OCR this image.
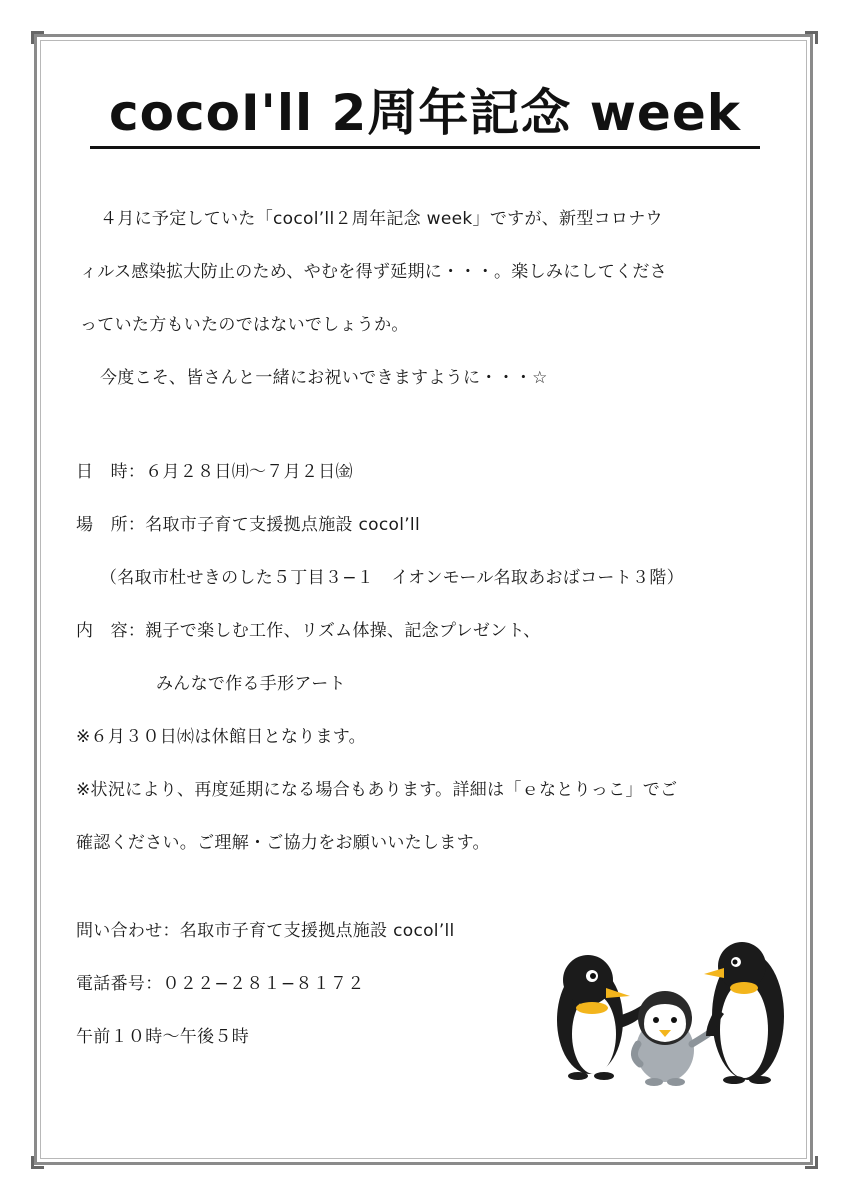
cocoI'll 2周年記念 week

４月に予定していた「cocol’ll２周年記念 week」ですが、新型コロナウ

ィルス感染拡大防止のため、やむを得ず延期に・・・。楽しみにしてくださ

っていた方もいたのではないでしょうか。

今度こそ、皆さんと一緒にお祝いできますように・・・☆

日　時：６月２８日㈪〜７月２日㈮
場　所：名取市子育て支援拠点施設 cocol’ll
（名取市杜せきのした５丁目３−１　イオンモール名取あおばコート３階）
内　容：親子で楽しむ工作、リズム体操、記念プレゼント、
みんなで作る手形アート
※６月３０日㈬は休館日となります。
※状況により、再度延期になる場合もあります。詳細は「ｅなとりっこ」でご
確認ください。ご理解・ご協力をお願いいたします。
問い合わせ：名取市子育て支援拠点施設 cocol’ll
電話番号：０２２−２８１−８１７２
午前１０時〜午後５時
